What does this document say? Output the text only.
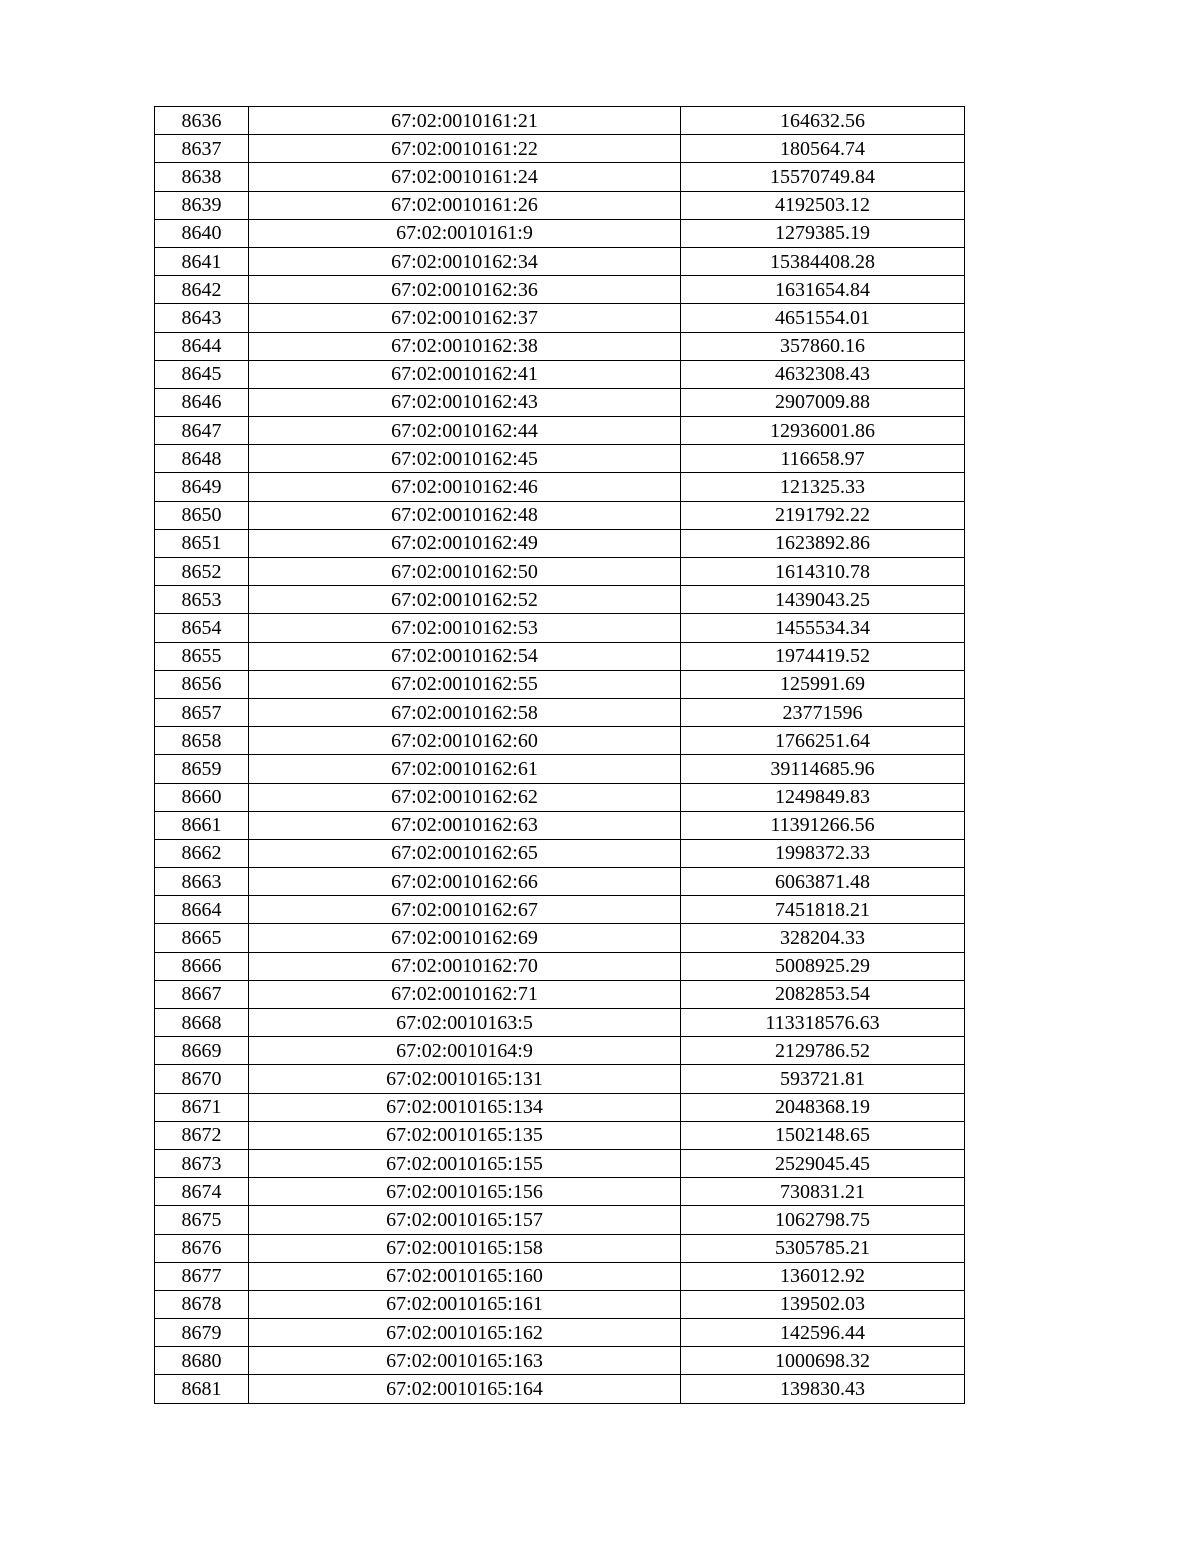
8636	67:02:0010161:21	164632.56
8637	67:02:0010161:22	180564.74
8638	67:02:0010161:24	15570749.84
8639	67:02:0010161:26	4192503.12
8640	67:02:0010161:9	1279385.19
8641	67:02:0010162:34	15384408.28
8642	67:02:0010162:36	1631654.84
8643	67:02:0010162:37	4651554.01
8644	67:02:0010162:38	357860.16
8645	67:02:0010162:41	4632308.43
8646	67:02:0010162:43	2907009.88
8647	67:02:0010162:44	12936001.86
8648	67:02:0010162:45	116658.97
8649	67:02:0010162:46	121325.33
8650	67:02:0010162:48	2191792.22
8651	67:02:0010162:49	1623892.86
8652	67:02:0010162:50	1614310.78
8653	67:02:0010162:52	1439043.25
8654	67:02:0010162:53	1455534.34
8655	67:02:0010162:54	1974419.52
8656	67:02:0010162:55	125991.69
8657	67:02:0010162:58	23771596
8658	67:02:0010162:60	1766251.64
8659	67:02:0010162:61	39114685.96
8660	67:02:0010162:62	1249849.83
8661	67:02:0010162:63	11391266.56
8662	67:02:0010162:65	1998372.33
8663	67:02:0010162:66	6063871.48
8664	67:02:0010162:67	7451818.21
8665	67:02:0010162:69	328204.33
8666	67:02:0010162:70	5008925.29
8667	67:02:0010162:71	2082853.54
8668	67:02:0010163:5	113318576.63
8669	67:02:0010164:9	2129786.52
8670	67:02:0010165:131	593721.81
8671	67:02:0010165:134	2048368.19
8672	67:02:0010165:135	1502148.65
8673	67:02:0010165:155	2529045.45
8674	67:02:0010165:156	730831.21
8675	67:02:0010165:157	1062798.75
8676	67:02:0010165:158	5305785.21
8677	67:02:0010165:160	136012.92
8678	67:02:0010165:161	139502.03
8679	67:02:0010165:162	142596.44
8680	67:02:0010165:163	1000698.32
8681	67:02:0010165:164	139830.43
